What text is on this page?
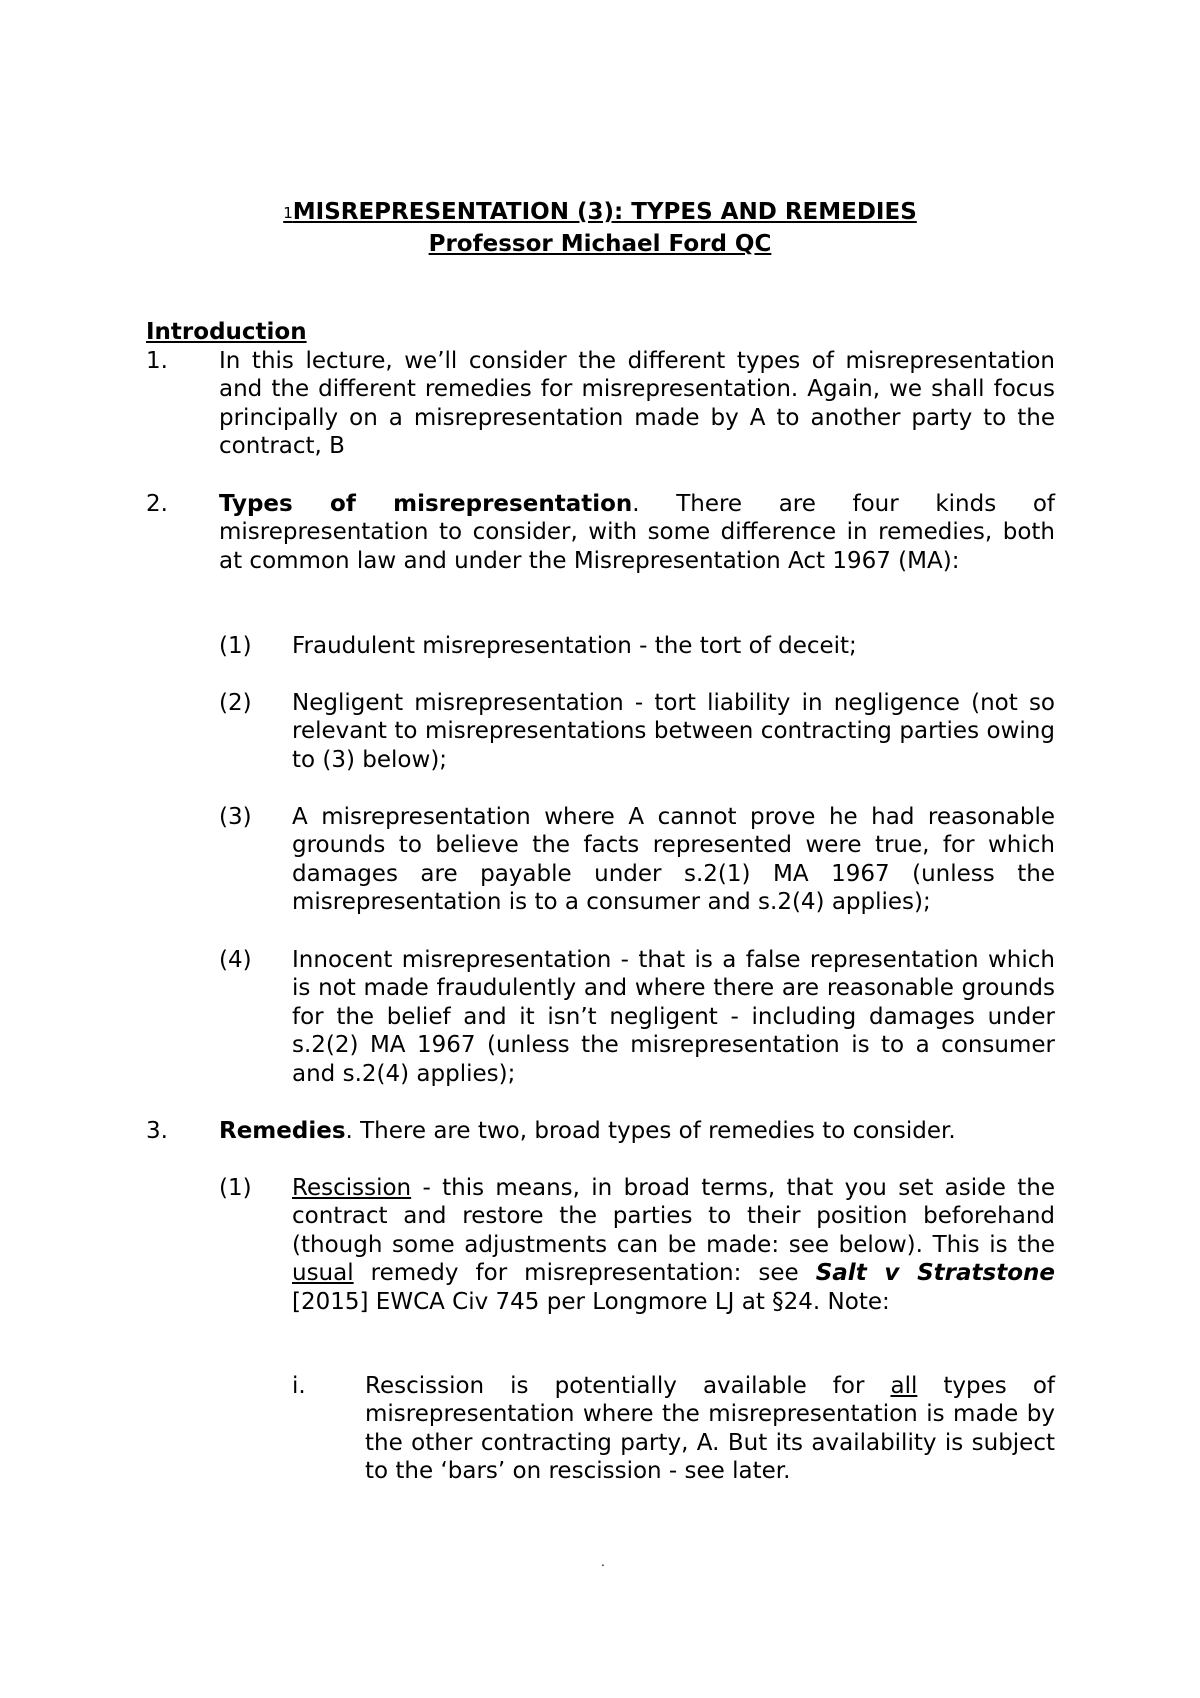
1MISREPRESENTATION (3): TYPES AND REMEDIES

Professor Michael Ford QC

Introduction
1. In this lecture, we’ll consider the different types of misrepresentation and the different remedies for misrepresentation. Again, we shall focus principally on a misrepresentation made by A to another party to the contract, B

2. Types of misrepresentation. There are four kinds of misrepresentation to consider, with some difference in remedies, both at common law and under the Misrepresentation Act 1967 (MA):

(1) Fraudulent misrepresentation - the tort of deceit;

(2) Negligent misrepresentation - tort liability in negligence (not so relevant to misrepresentations between contracting parties owing to (3) below);

(3) A misrepresentation where A cannot prove he had reasonable grounds to believe the facts represented were true, for which damages are payable under s.2(1) MA 1967 (unless the misrepresentation is to a consumer and s.2(4) applies);

(4) Innocent misrepresentation - that is a false representation which is not made fraudulently and where there are reasonable grounds for the belief and it isn’t negligent - including damages under s.2(2) MA 1967 (unless the misrepresentation is to a consumer and s.2(4) applies);

3. Remedies. There are two, broad types of remedies to consider.

(1) Rescission - this means, in broad terms, that you set aside the contract and restore the parties to their position beforehand (though some adjustments can be made: see below). This is the usual remedy for misrepresentation: see Salt v Stratstone [2015] EWCA Civ 745 per Longmore LJ at §24. Note:

i.	Rescission is potentially available for all types of misrepresentation where the misrepresentation is made by the other contracting party, A. But its availability is subject to the ‘bars’ on rescission - see later.

.
